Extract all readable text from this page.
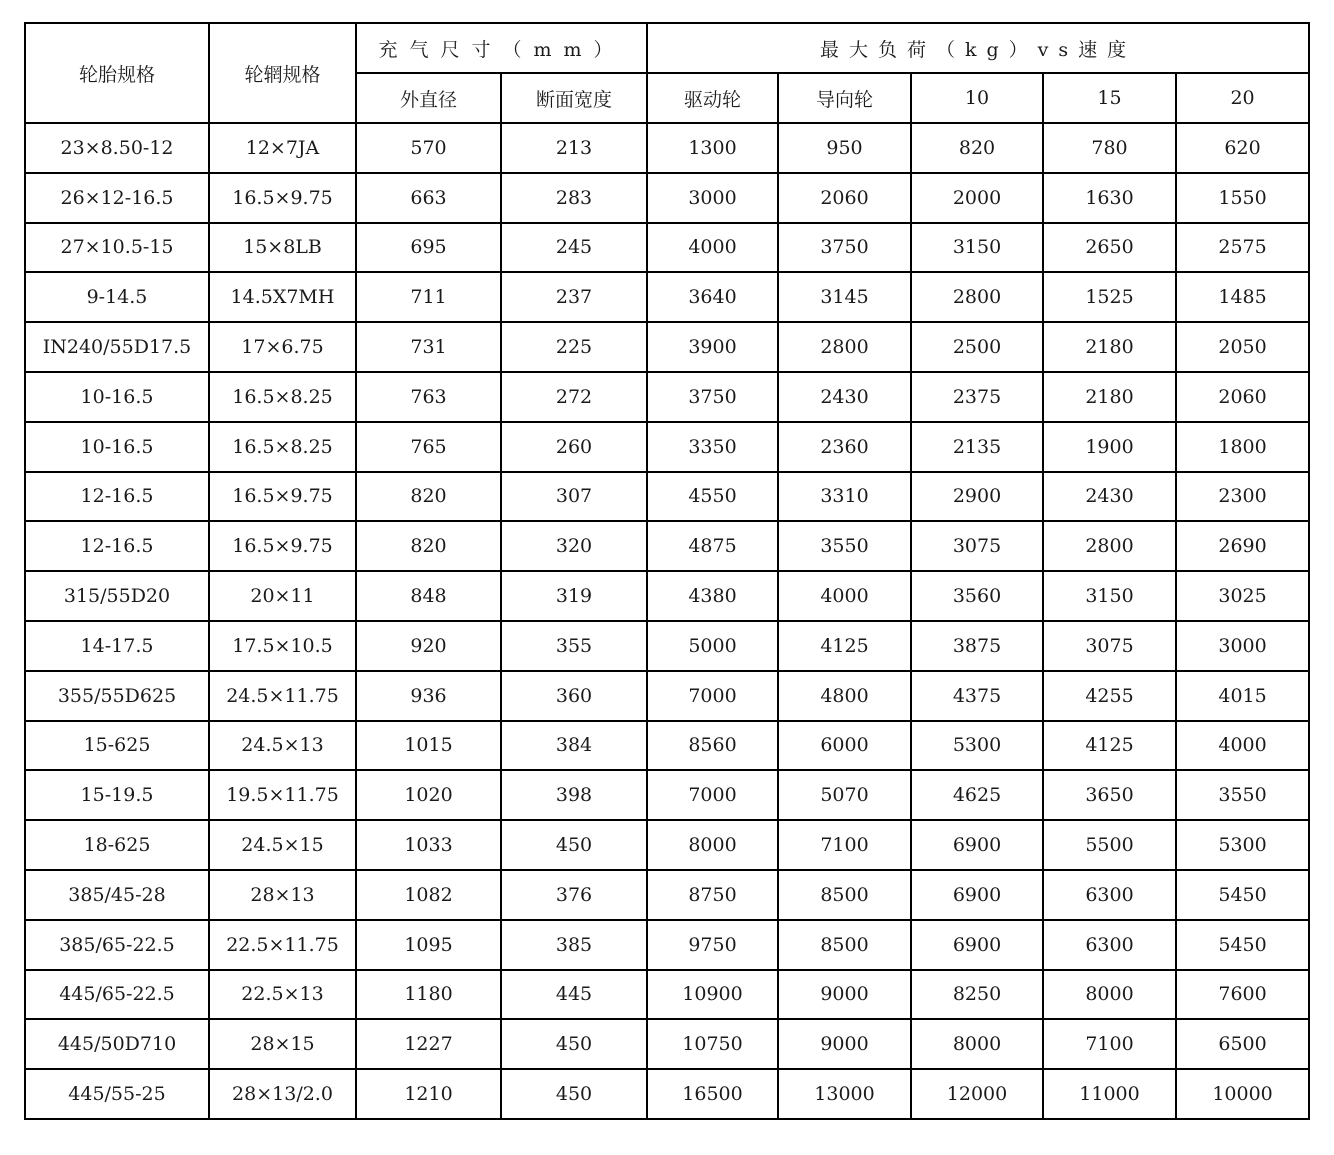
轮胎规格	轮辋规格	充气尺寸（mm）		最大负荷（kg）vs速度				
		外直径	断面宽度	驱动轮	导向轮	10	15	20
23×8.50-12	12×7JA	570	213	1300	950	820	780	620
26×12-16.5	16.5×9.75	663	283	3000	2060	2000	1630	1550
27×10.5-15	15×8LB	695	245	4000	3750	3150	2650	2575
9-14.5	14.5X7MH	711	237	3640	3145	2800	1525	1485
IN240/55D17.5	17×6.75	731	225	3900	2800	2500	2180	2050
10-16.5	16.5×8.25	763	272	3750	2430	2375	2180	2060
10-16.5	16.5×8.25	765	260	3350	2360	2135	1900	1800
12-16.5	16.5×9.75	820	307	4550	3310	2900	2430	2300
12-16.5	16.5×9.75	820	320	4875	3550	3075	2800	2690
315/55D20	20×11	848	319	4380	4000	3560	3150	3025
14-17.5	17.5×10.5	920	355	5000	4125	3875	3075	3000
355/55D625	24.5×11.75	936	360	7000	4800	4375	4255	4015
15-625	24.5×13	1015	384	8560	6000	5300	4125	4000
15-19.5	19.5×11.75	1020	398	7000	5070	4625	3650	3550
18-625	24.5×15	1033	450	8000	7100	6900	5500	5300
385/45-28	28×13	1082	376	8750	8500	6900	6300	5450
385/65-22.5	22.5×11.75	1095	385	9750	8500	6900	6300	5450
445/65-22.5	22.5×13	1180	445	10900	9000	8250	8000	7600
445/50D710	28×15	1227	450	10750	9000	8000	7100	6500
445/55-25	28×13/2.0	1210	450	16500	13000	12000	11000	10000
